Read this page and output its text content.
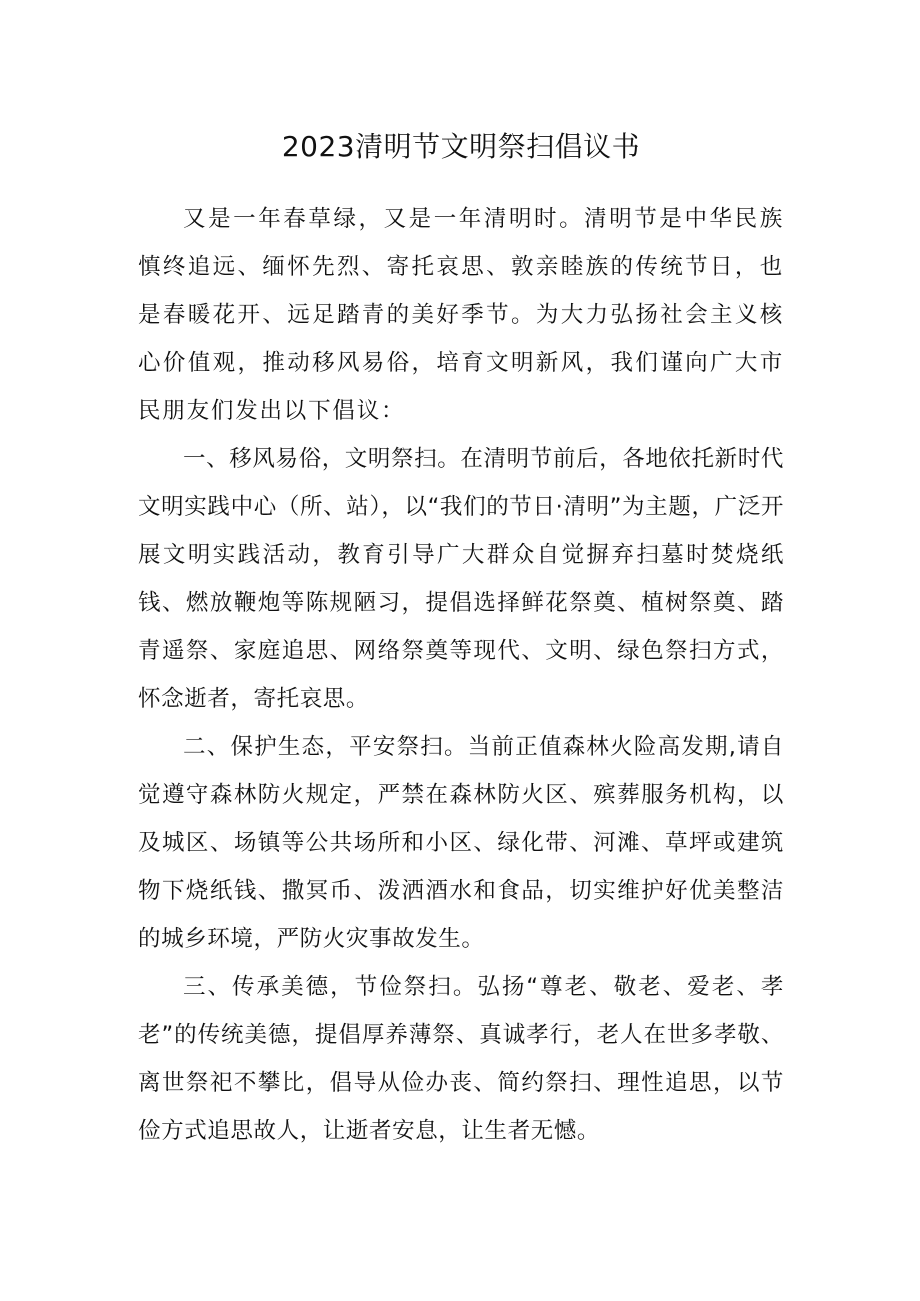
2023清明节文明祭扫倡议书

又是一年春草绿，又是一年清明时。清明节是中华民族慎终追远、缅怀先烈、寄托哀思、敦亲睦族的传统节日，也是春暖花开、远足踏青的美好季节。为大力弘扬社会主义核心价值观，推动移风易俗，培育文明新风，我们谨向广大市民朋友们发出以下倡议：

一、移风易俗，文明祭扫。在清明节前后，各地依托新时代文明实践中心（所、站），以“我们的节日·清明”为主题，广泛开展文明实践活动，教育引导广大群众自觉摒弃扫墓时焚烧纸钱、燃放鞭炮等陈规陋习，提倡选择鲜花祭奠、植树祭奠、踏青遥祭、家庭追思、网络祭奠等现代、文明、绿色祭扫方式，怀念逝者，寄托哀思。

二、保护生态，平安祭扫。当前正值森林火险高发期,请自觉遵守森林防火规定，严禁在森林防火区、殡葬服务机构，以及城区、场镇等公共场所和小区、绿化带、河滩、草坪或建筑物下烧纸钱、撒冥币、泼洒酒水和食品，切实维护好优美整洁的城乡环境，严防火灾事故发生。

三、传承美德，节俭祭扫。弘扬“尊老、敬老、爱老、孝老”的传统美德，提倡厚养薄祭、真诚孝行，老人在世多孝敬、离世祭祀不攀比，倡导从俭办丧、简约祭扫、理性追思，以节俭方式追思故人，让逝者安息，让生者无憾。
